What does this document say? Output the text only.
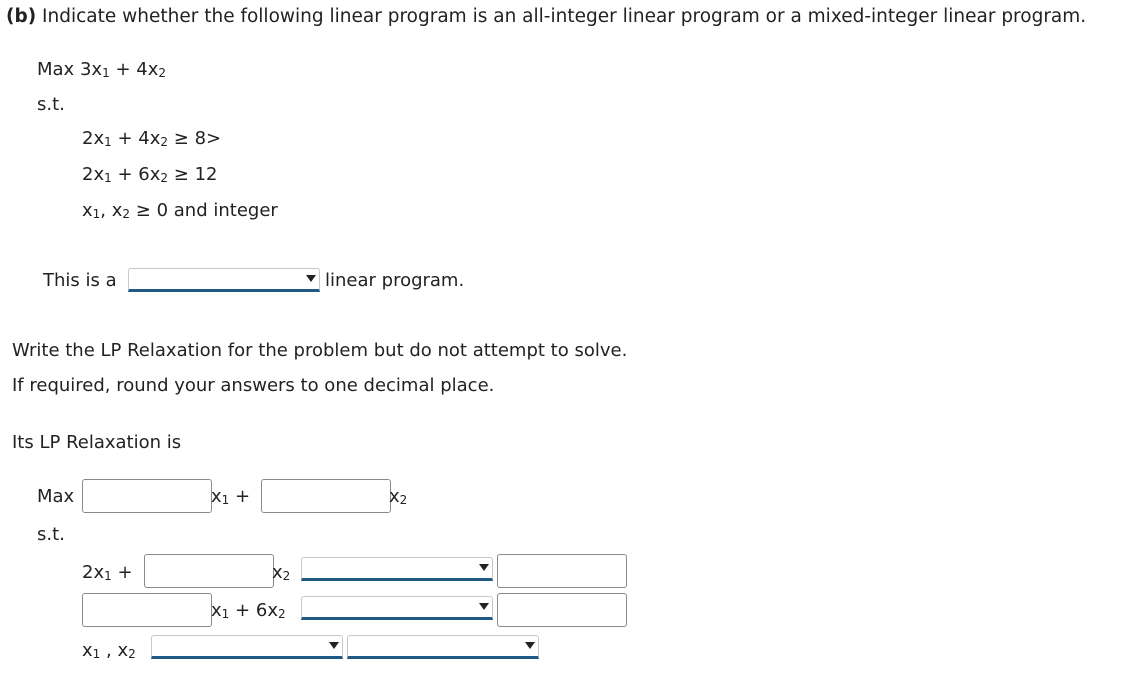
(b) Indicate whether the following linear program is an all-integer linear program or a mixed-integer linear program.
Max $3x_1 + 4x_2$
s.t.
$2x_1 + 4x_2 \ge 8>$
$2x_1 + 6x_2 \ge 12$
$x_1$, $x_2 \ge 0$ and integer
This is a	linear program.
Write the LP Relaxation for the problem but do not attempt to solve.
If required, round your answers to one decimal place.
Its LP Relaxation is
Max	$x_1$ +	$x_2$
s.t.
$2x_1$ +	$x_2$
$x_1 + 6x_2$
$x_1$ , $x_2$
